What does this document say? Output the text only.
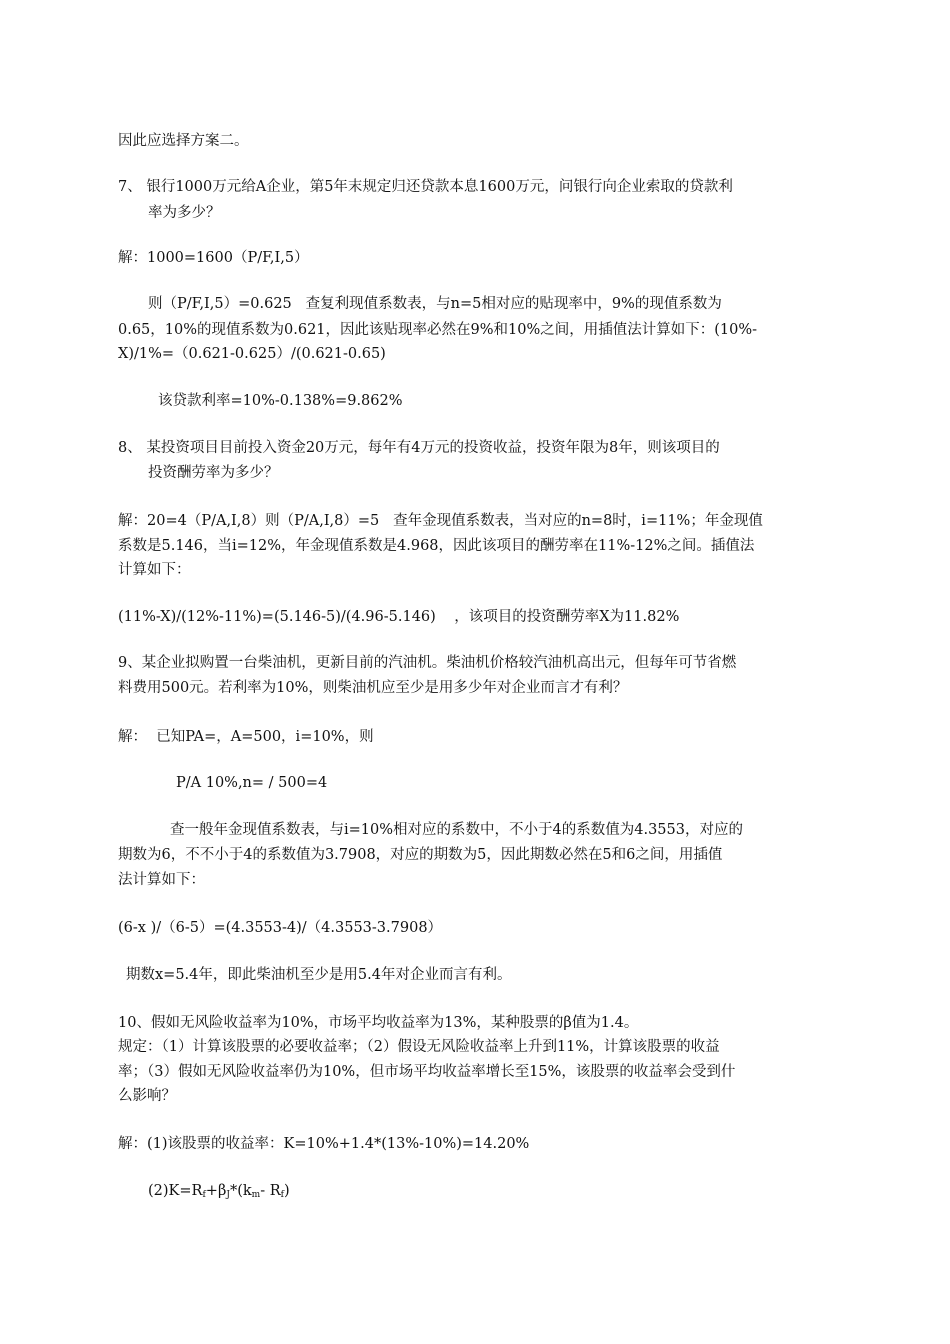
因此应选择方案二。
7、 银行1000万元给A企业，第5年末规定归还贷款本息1600万元，问银行向企业索取的贷款利
率为多少？
解：1000=1600（P/F,I,5）
则（P/F,I,5）=0.625   查复利现值系数表，与n=5相对应的贴现率中，9%的现值系数为
0.65，10%的现值系数为0.621，因此该贴现率必然在9%和10%之间，用插值法计算如下：(10%-
X)/1%=（0.621-0.625）/(0.621-0.65)
该贷款利率=10%-0.138%=9.862%
8、 某投资项目目前投入资金20万元，每年有4万元的投资收益，投资年限为8年，则该项目的
投资酬劳率为多少？
解：20=4（P/A,I,8）则（P/A,I,8）=5   查年金现值系数表，当对应的n=8时，i=11%；年金现值
系数是5.146，当i=12%，年金现值系数是4.968，因此该项目的酬劳率在11%-12%之间。插值法
计算如下：
(11%-X)/(12%-11%)=(5.146-5)/(4.96-5.146)    ，该项目的投资酬劳率X为11.82%
9、某企业拟购置一台柴油机，更新目前的汽油机。柴油机价格较汽油机高出元，但每年可节省燃
料费用500元。若利率为10%，则柴油机应至少是用多少年对企业而言才有利？
解：  已知PA=，A=500，i=10%，则
P/A 10%,n= / 500=4
查一般年金现值系数表，与i=10%相对应的系数中，不小于4的系数值为4.3553，对应的
期数为6，不不小于4的系数值为3.7908，对应的期数为5，因此期数必然在5和6之间，用插值
法计算如下：
(6-x )/（6-5）=(4.3553-4)/（4.3553-3.7908）
期数x=5.4年，即此柴油机至少是用5.4年对企业而言有利。
10、假如无风险收益率为10%，市场平均收益率为13%，某种股票的β值为1.4。
规定：（1）计算该股票的必要收益率；（2）假设无风险收益率上升到11%，计算该股票的收益
率；（3）假如无风险收益率仍为10%，但市场平均收益率增长至15%，该股票的收益率会受到什
么影响？
解：(1)该股票的收益率：K=10%+1.4*(13%-10%)=14.20%
$(2)K=R_f+\beta_J*(k_m-$ $R_f$)
